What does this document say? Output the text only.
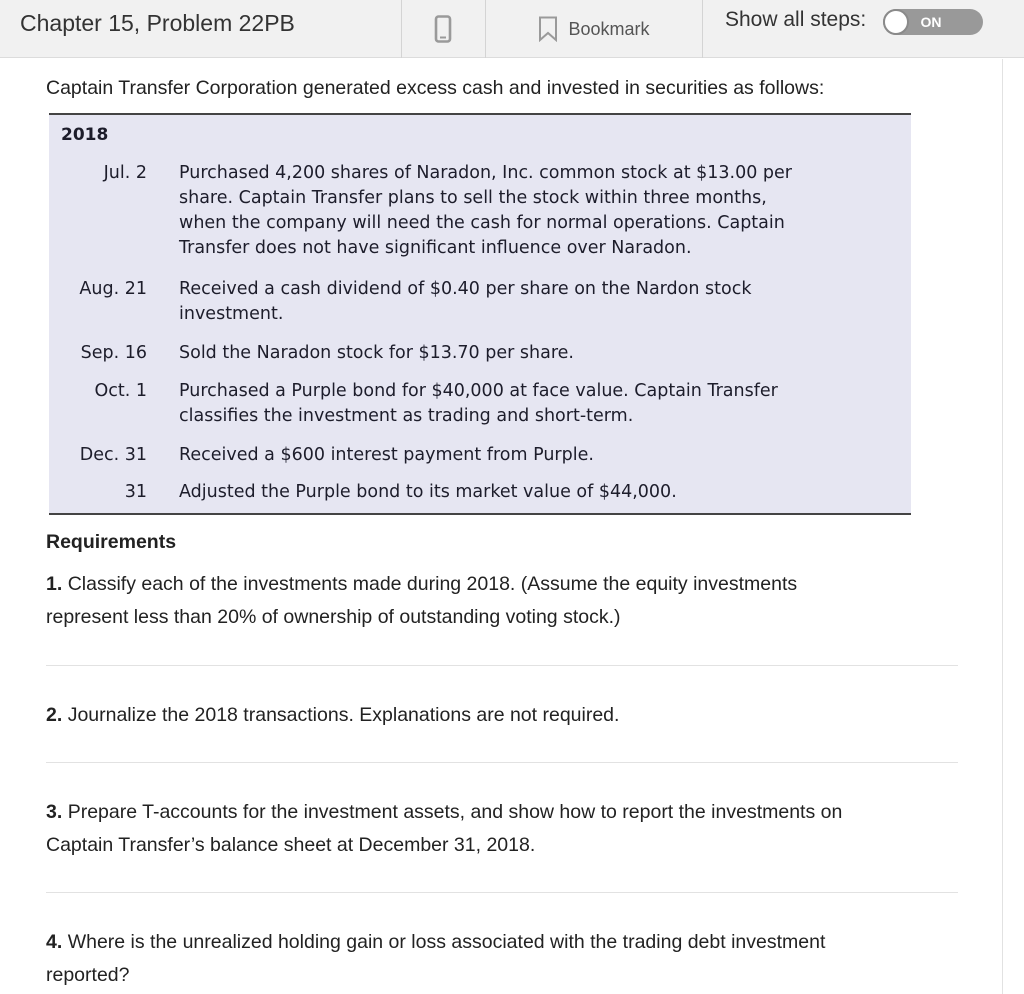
Chapter 15, Problem 22PB	Bookmark	Show all steps:	ON
Captain Transfer Corporation generated excess cash and invested in securities as follows:
2018
Jul. 2 Purchased 4,200 shares of Naradon, Inc. common stock at $13.00 per
share. Captain Transfer plans to sell the stock within three months,
when the company will need the cash for normal operations. Captain
Transfer does not have significant influence over Naradon.
Aug. 21 Received a cash dividend of $0.40 per share on the Nardon stock
investment.
Sep. 16 Sold the Naradon stock for $13.70 per share.
Oct. 1 Purchased a Purple bond for $40,000 at face value. Captain Transfer
classifies the investment as trading and short-term.
Dec. 31 Received a $600 interest payment from Purple.
31 Adjusted the Purple bond to its market value of $44,000.
Requirements
1. Classify each of the investments made during 2018. (Assume the equity investments
represent less than 20% of ownership of outstanding voting stock.)
2. Journalize the 2018 transactions. Explanations are not required.
3. Prepare T-accounts for the investment assets, and show how to report the investments on
Captain Transfer’s balance sheet at December 31, 2018.
4. Where is the unrealized holding gain or loss associated with the trading debt investment
reported?
